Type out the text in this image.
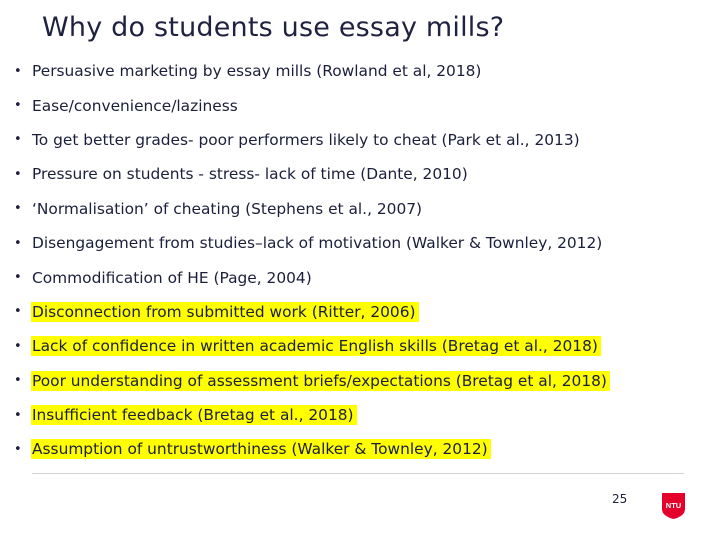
Why do students use essay mills?
• Persuasive marketing by essay mills (Rowland et al, 2018)
• Ease/convenience/laziness
• To get better grades- poor performers likely to cheat (Park et al., 2013)
• Pressure on students - stress- lack of time (Dante, 2010)
• ‘Normalisation’ of cheating (Stephens et al., 2007)
• Disengagement from studies–lack of motivation (Walker & Townley, 2012)
• Commodification of HE (Page, 2004)
• Disconnection from submitted work (Ritter, 2006)
• Lack of confidence in written academic English skills (Bretag et al., 2018)
• Poor understanding of assessment briefs/expectations (Bretag et al, 2018)
• Insufficient feedback (Bretag et al., 2018)
• Assumption of untrustworthiness (Walker & Townley, 2012)
25	NTU
